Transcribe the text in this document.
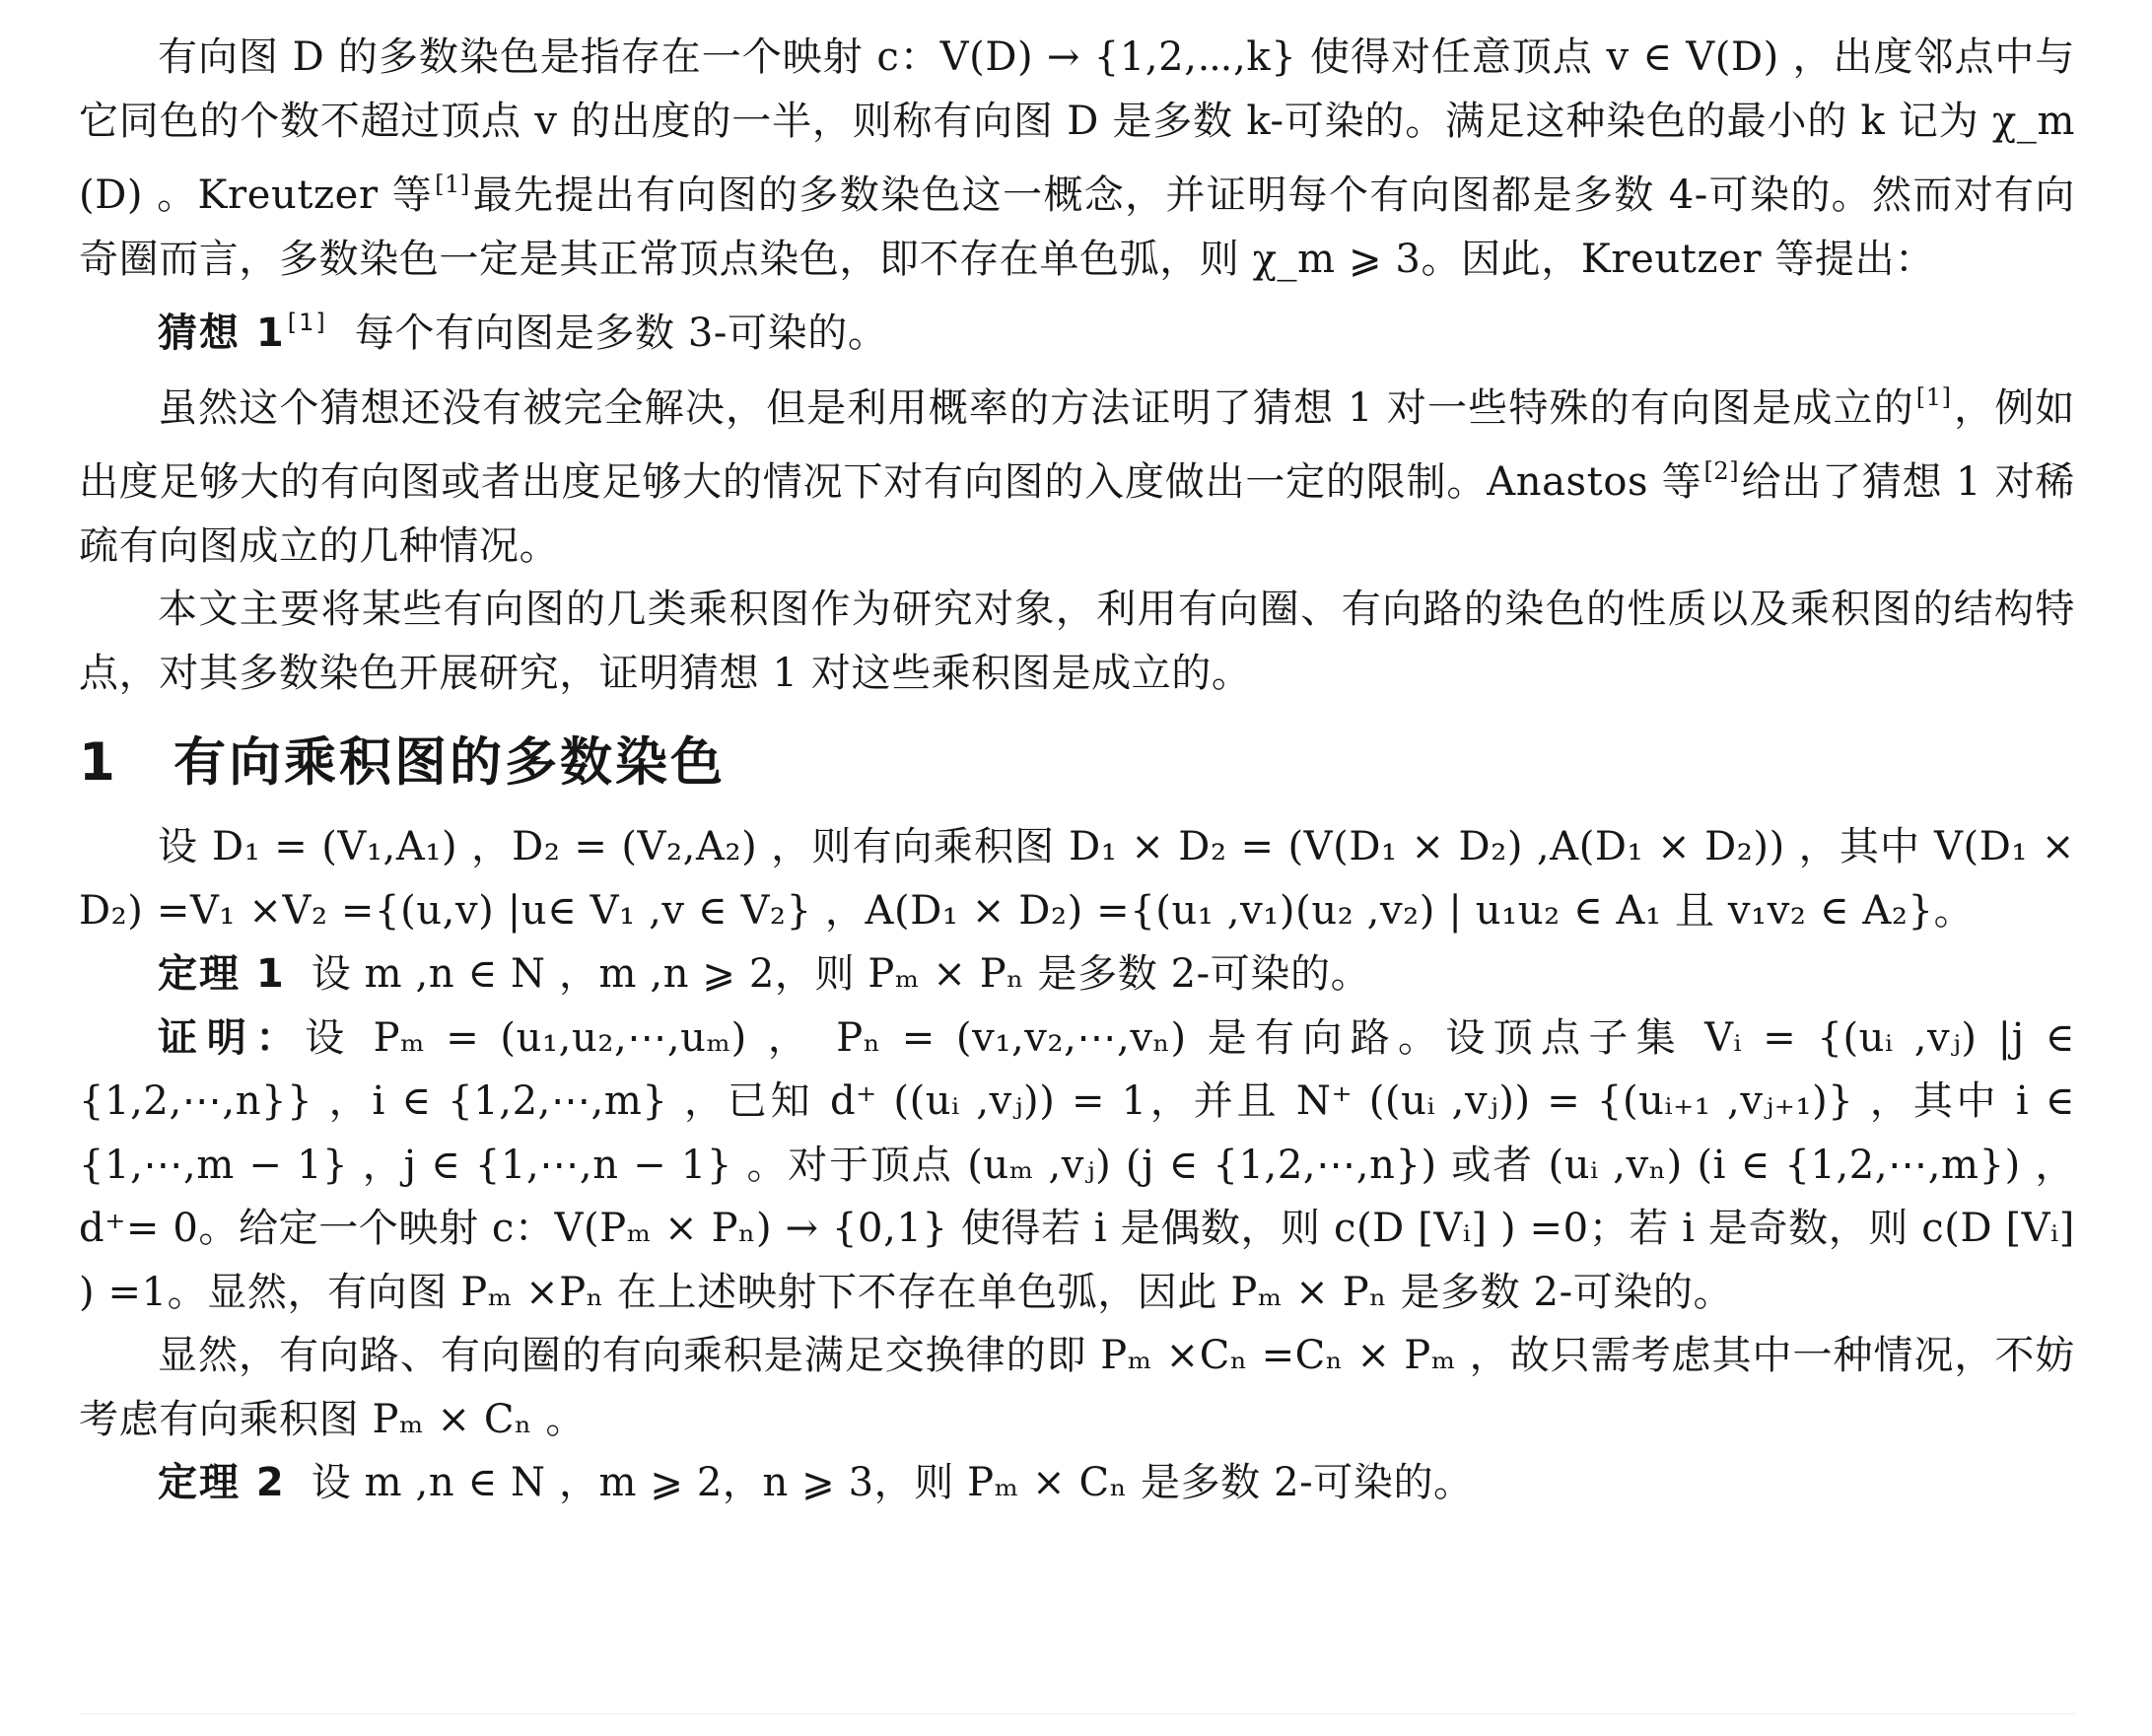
有向图 D 的多数染色是指存在一个映射 c：V(D) → {1,2,⋯,k} 使得对任意顶点 v ∈ V(D) ，出度邻点中与它同色的个数不超过顶点 v 的出度的一半，则称有向图 D 是多数 k-可染的。满足这种染色的最小的 k 记为 χ_m (D) 。Kreutzer 等[1]最先提出有向图的多数染色这一概念，并证明每个有向图都是多数 4-可染的。然而对有向奇圈而言，多数染色一定是其正常顶点染色，即不存在单色弧，则 χ_m ⩾ 3。因此，Kreutzer 等提出：

猜想 1[1] 每个有向图是多数 3-可染的。

虽然这个猜想还没有被完全解决，但是利用概率的方法证明了猜想 1 对一些特殊的有向图是成立的[1]，例如出度足够大的有向图或者出度足够大的情况下对有向图的入度做出一定的限制。Anastos 等[2]给出了猜想 1 对稀疏有向图成立的几种情况。

本文主要将某些有向图的几类乘积图作为研究对象，利用有向圈、有向路的染色的性质以及乘积图的结构特点，对其多数染色开展研究，证明猜想 1 对这些乘积图是成立的。

1 有向乘积图的多数染色

设 D₁ = (V₁,A₁) ，D₂ = (V₂,A₂) ，则有向乘积图 D₁ × D₂ = (V(D₁ × D₂) ,A(D₁ × D₂)) ，其中 V(D₁ × D₂) =V₁ ×V₂ ={(u,v) |u∈ V₁ ,v ∈ V₂} ，A(D₁ × D₂) ={(u₁ ,v₁)(u₂ ,v₂) | u₁u₂ ∈ A₁ 且 v₁v₂ ∈ A₂}。

定理 1 设 m ,n ∈ N ，m ,n ⩾ 2，则 Pₘ × Pₙ 是多数 2-可染的。

证明：设 Pₘ = (u₁,u₂,⋯,uₘ) ， Pₙ = (v₁,v₂,⋯,vₙ) 是有向路。设顶点子集 Vᵢ = {(uᵢ ,vⱼ) |j ∈ {1,2,⋯,n}} ，i ∈ {1,2,⋯,m} ，已知 d⁺ ((uᵢ ,vⱼ)) = 1，并且 N⁺ ((uᵢ ,vⱼ)) = {(uᵢ₊₁ ,vⱼ₊₁)} ，其中 i ∈ {1,⋯,m − 1} ，j ∈ {1,⋯,n − 1} 。对于顶点 (uₘ ,vⱼ) (j ∈ {1,2,⋯,n}) 或者 (uᵢ ,vₙ) (i ∈ {1,2,⋯,m}) ，d⁺= 0。给定一个映射 c：V(Pₘ × Pₙ) → {0,1} 使得若 i 是偶数，则 c(D [Vᵢ] ) =0；若 i 是奇数，则 c(D [Vᵢ] ) =1。显然，有向图 Pₘ ×Pₙ 在上述映射下不存在单色弧，因此 Pₘ × Pₙ 是多数 2-可染的。

显然，有向路、有向圈的有向乘积是满足交换律的即 Pₘ ×Cₙ =Cₙ × Pₘ ，故只需考虑其中一种情况，不妨考虑有向乘积图 Pₘ × Cₙ 。

定理 2 设 m ,n ∈ N ，m ⩾ 2，n ⩾ 3，则 Pₘ × Cₙ 是多数 2-可染的。
